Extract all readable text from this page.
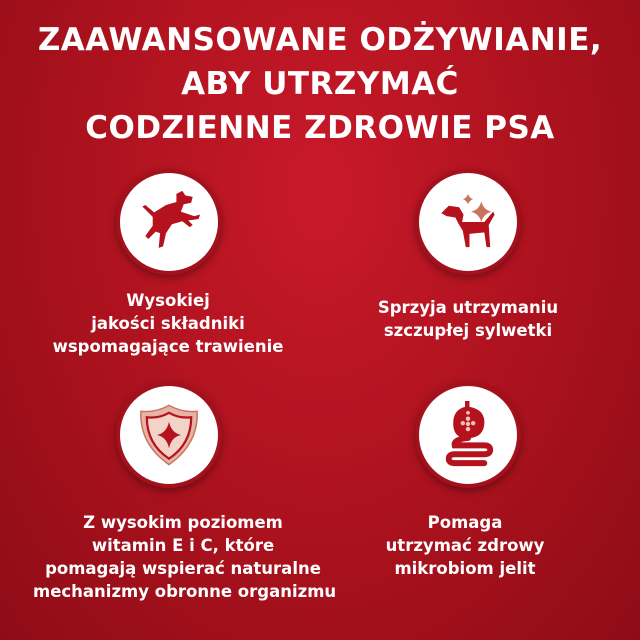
ZAAWANSOWANE ODŻYWIANIE,
ABY UTRZYMAĆ
CODZIENNE ZDROWIE PSA
Wysokiej
jakości składniki
wspomagające trawienie
Sprzyja utrzymaniu
szczupłej sylwetki
Z wysokim poziomem
witamin E i C, które
pomagają wspierać naturalne
mechanizmy obronne organizmu
Pomaga
utrzymać zdrowy
mikrobiom jelit
